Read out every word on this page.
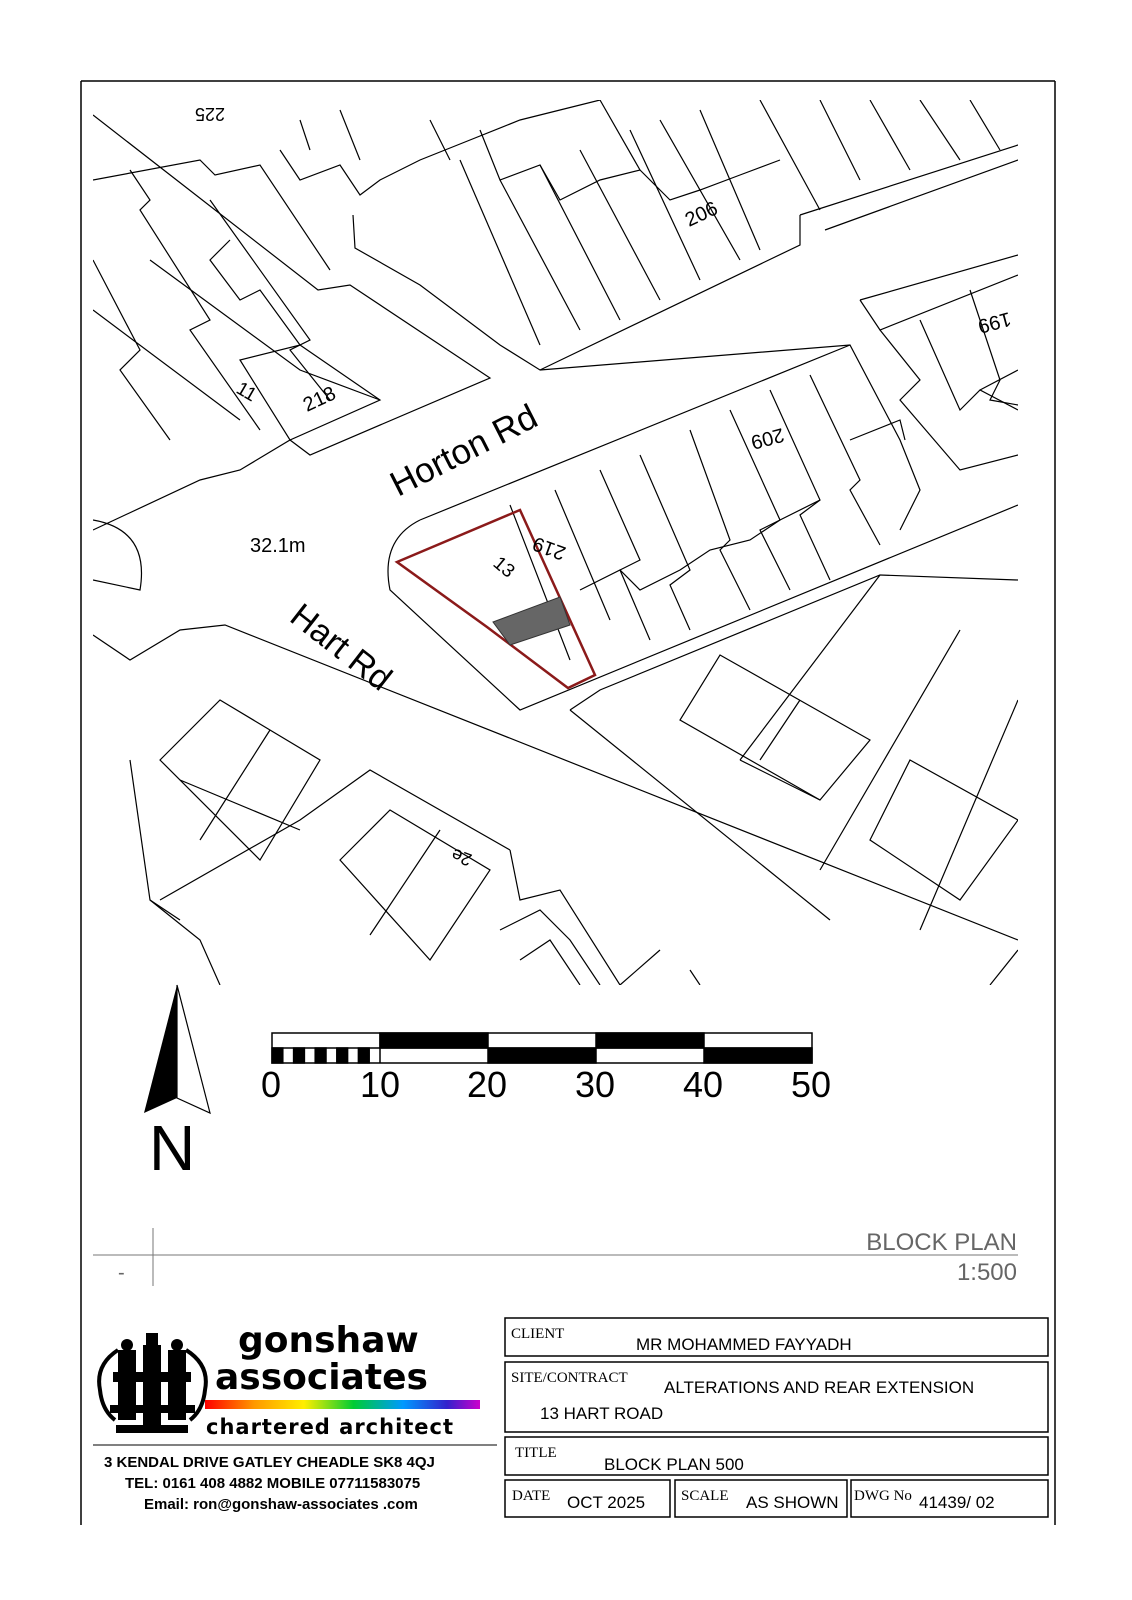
Horton Rd
Hart Rd
225
206
199
11 218
209
219
13
2e
32.1m
N
0 10 20 30 40 50
BLOCK PLAN
1:500
-
gonshaw
associates
chartered architect
3 KENDAL DRIVE GATLEY CHEADLE SK8 4QJ
TEL: 0161 408 4882 MOBILE 07711583075
Email: ron@gonshaw-associates .com
CLIENT
MR MOHAMMED FAYYADH
SITE/CONTRACT ALTERATIONS AND REAR EXTENSION
13 HART ROAD
TITLE
BLOCK PLAN 500
DATE OCT 2025 SCALE AS SHOWN DWG No 41439/ 02
